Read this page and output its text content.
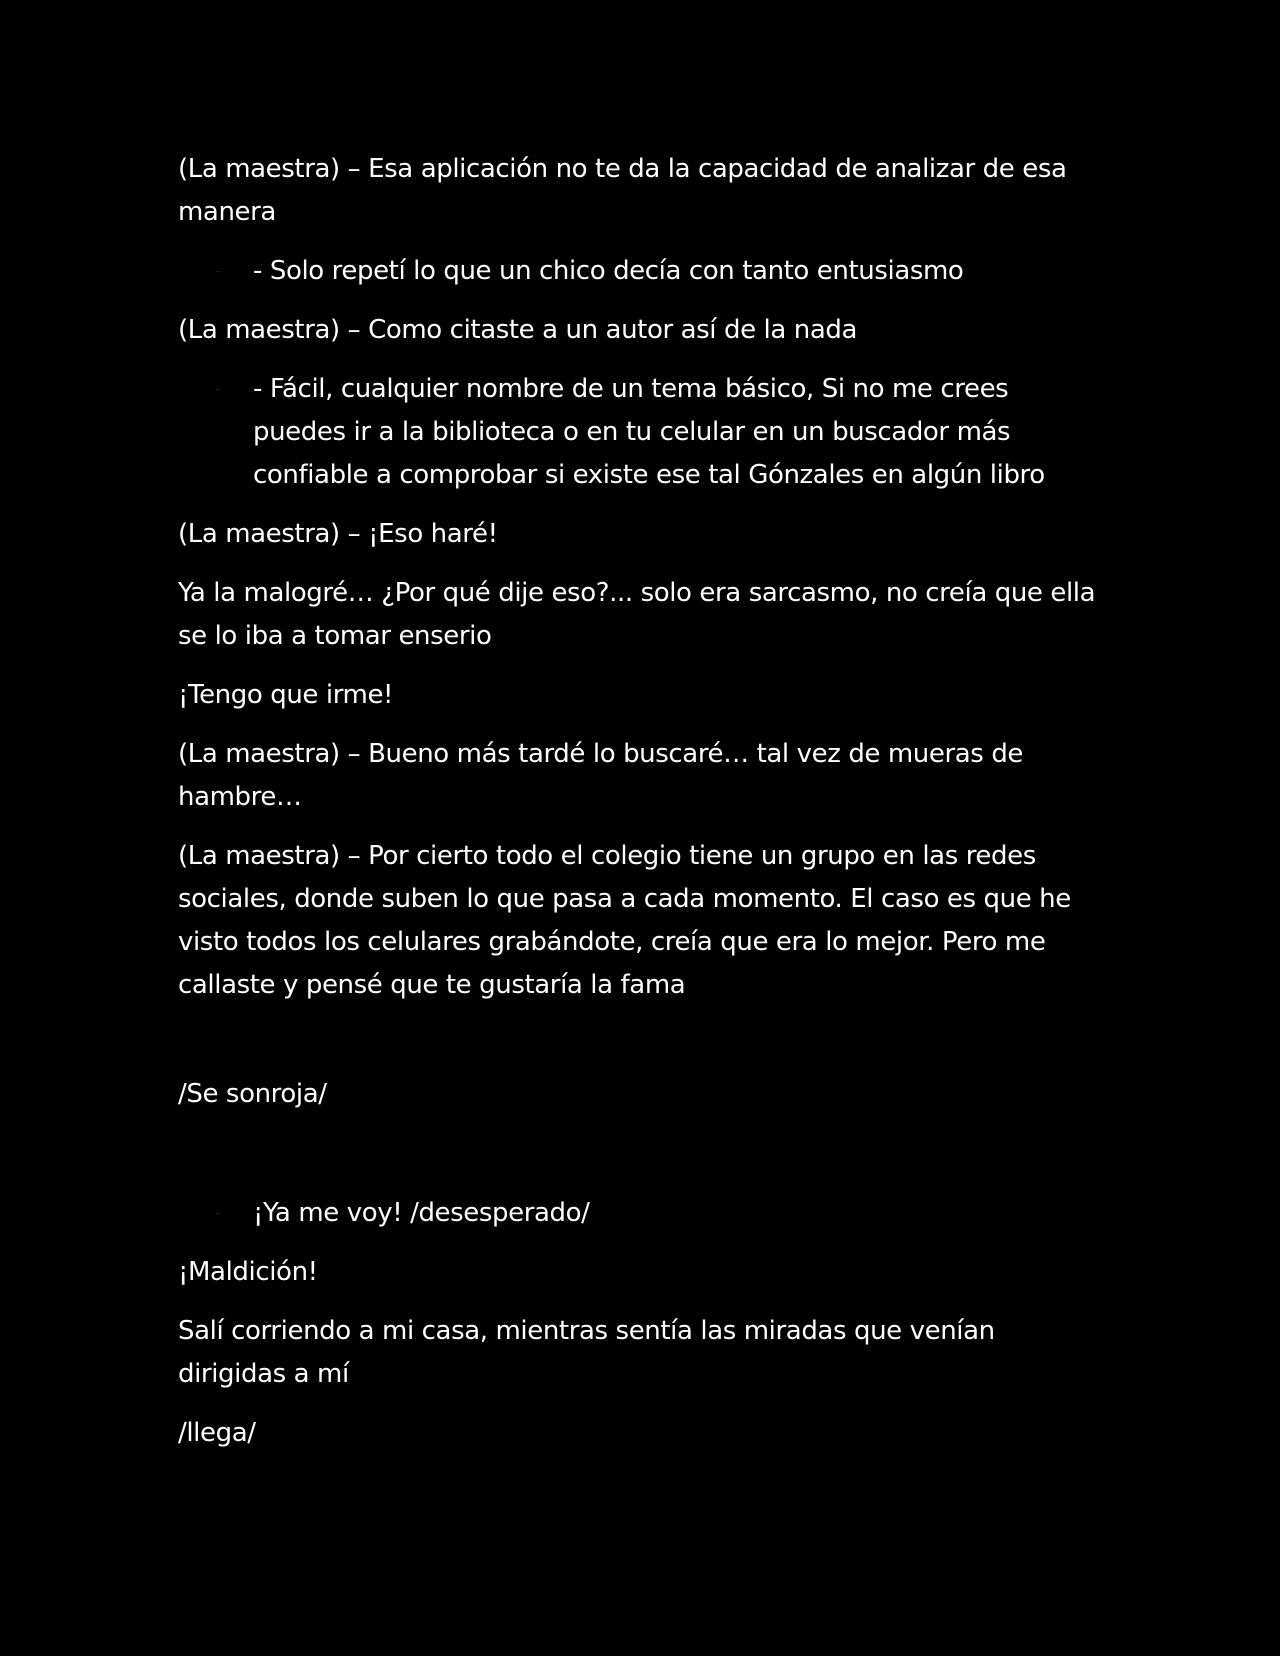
(La maestra) – Esa aplicación no te da la capacidad de analizar de esa manera

- - Solo repetí lo que un chico decía con tanto entusiasmo

(La maestra) – Como citaste a un autor así de la nada

- - Fácil, cualquier nombre de un tema básico, Si no me crees puedes ir a la biblioteca o en tu celular en un buscador más confiable a comprobar si existe ese tal Gónzales en algún libro

(La maestra) – ¡Eso haré!

Ya la malogré… ¿Por qué dije eso?... solo era sarcasmo, no creía que ella se lo iba a tomar enserio

¡Tengo que irme!

(La maestra) – Bueno más tardé lo buscaré… tal vez de mueras de hambre…

(La maestra) – Por cierto todo el colegio tiene un grupo en las redes sociales, donde suben lo que pasa a cada momento. El caso es que he visto todos los celulares grabándote, creía que era lo mejor. Pero me callaste y pensé que te gustaría la fama

/Se sonroja/

- ¡Ya me voy! /desesperado/

¡Maldición!

Salí corriendo a mi casa, mientras sentía las miradas que venían dirigidas a mí

/llega/
